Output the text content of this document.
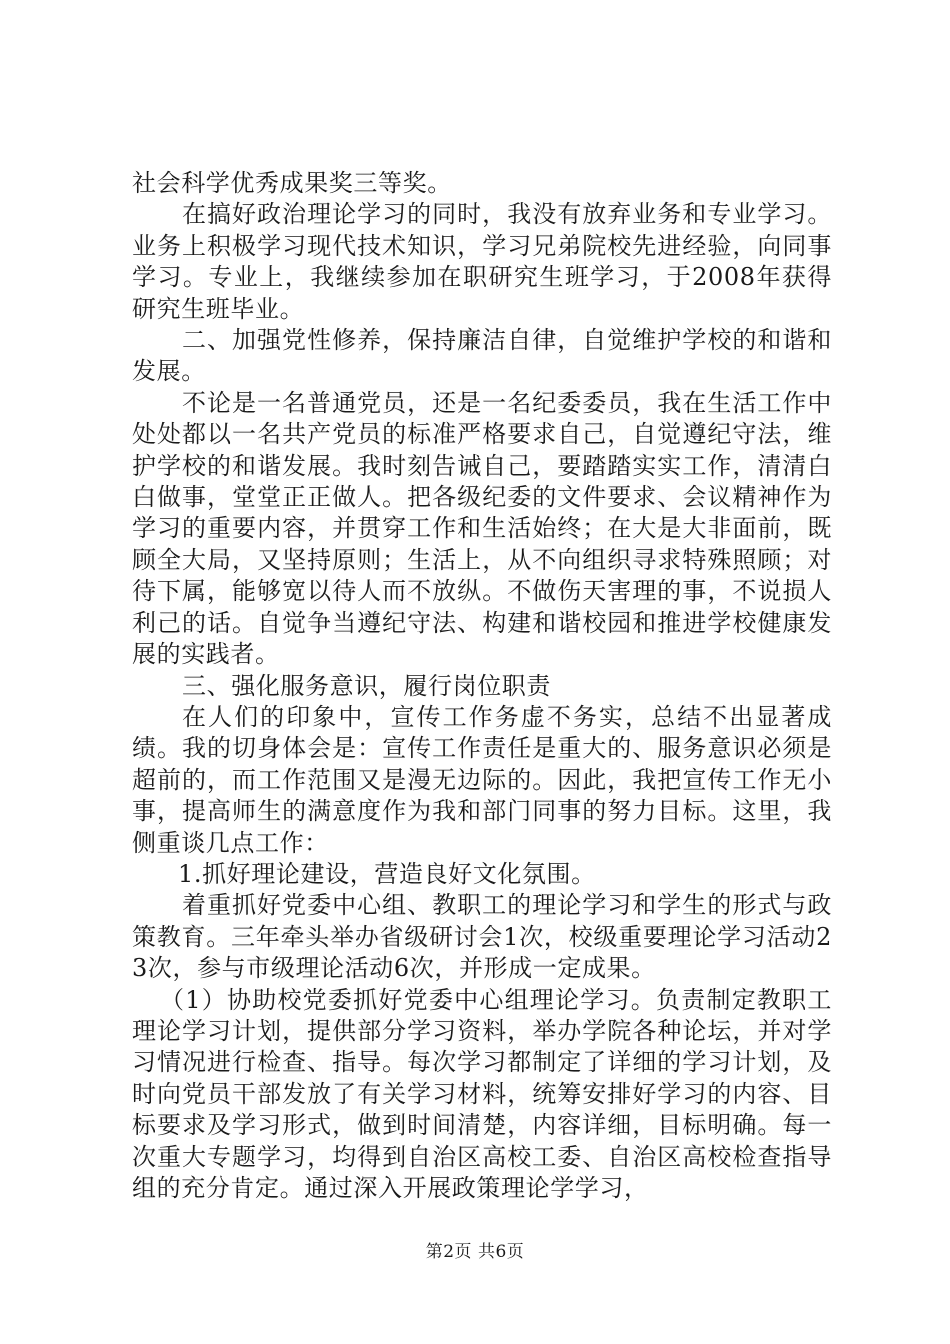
社会科学优秀成果奖三等奖。

在搞好政治理论学习的同时，我没有放弃业务和专业学习。业务上积极学习现代技术知识，学习兄弟院校先进经验，向同事学习。专业上，我继续参加在职研究生班学习，于2008年获得研究生班毕业。

二、加强党性修养，保持廉洁自律，自觉维护学校的和谐和发展。

不论是一名普通党员，还是一名纪委委员，我在生活工作中处处都以一名共产党员的标准严格要求自己，自觉遵纪守法，维护学校的和谐发展。我时刻告诫自己，要踏踏实实工作，清清白白做事，堂堂正正做人。把各级纪委的文件要求、会议精神作为学习的重要内容，并贯穿工作和生活始终；在大是大非面前，既顾全大局，又坚持原则；生活上，从不向组织寻求特殊照顾；对待下属，能够宽以待人而不放纵。不做伤天害理的事，不说损人利己的话。自觉争当遵纪守法、构建和谐校园和推进学校健康发展的实践者。

三、强化服务意识，履行岗位职责

在人们的印象中，宣传工作务虚不务实，总结不出显著成绩。我的切身体会是：宣传工作责任是重大的、服务意识必须是超前的，而工作范围又是漫无边际的。因此，我把宣传工作无小事，提高师生的满意度作为我和部门同事的努力目标。这里，我侧重谈几点工作：

1.抓好理论建设，营造良好文化氛围。

着重抓好党委中心组、教职工的理论学习和学生的形式与政策教育。三年牵头举办省级研讨会1次，校级重要理论学习活动23次，参与市级理论活动6次，并形成一定成果。

（1）协助校党委抓好党委中心组理论学习。负责制定教职工理论学习计划，提供部分学习资料，举办学院各种论坛，并对学习情况进行检查、指导。每次学习都制定了详细的学习计划，及时向党员干部发放了有关学习材料，统筹安排好学习的内容、目标要求及学习形式，做到时间清楚，内容详细，目标明确。每一次重大专题学习，均得到自治区高校工委、自治区高校检查指导组的充分肯定。通过深入开展政策理论学学习，

第2页 共6页
